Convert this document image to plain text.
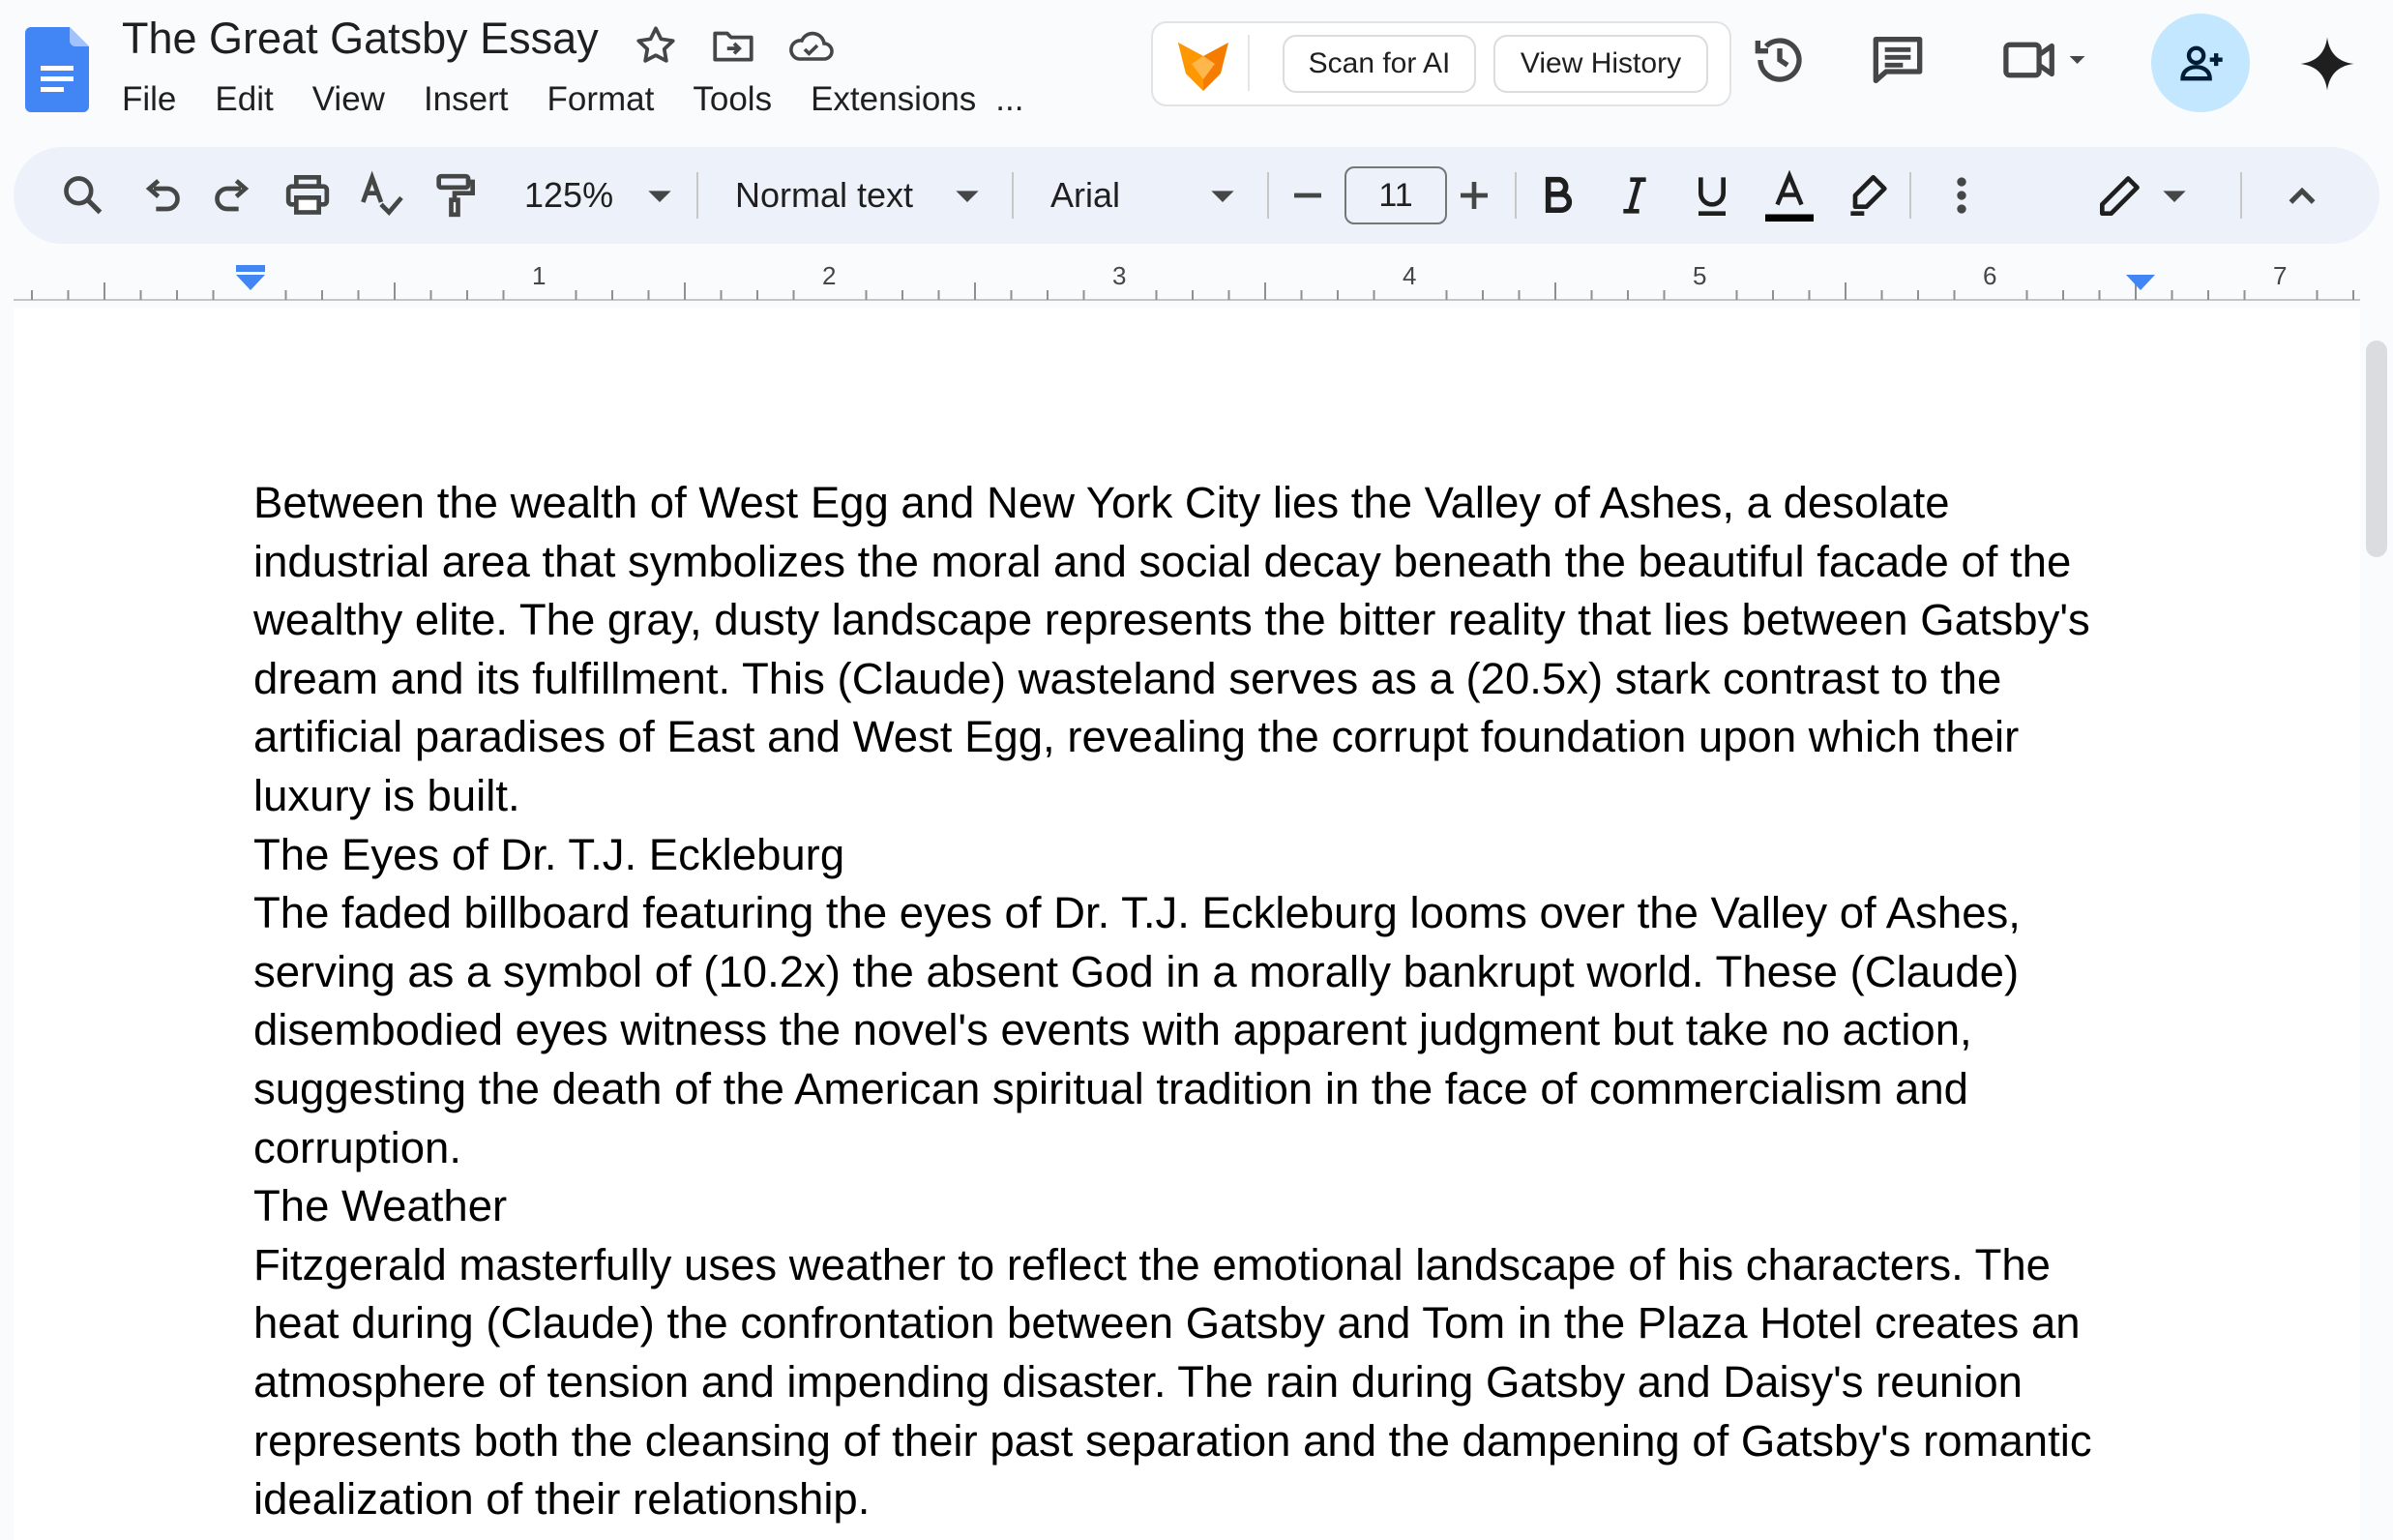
The Great Gatsby Essay
File Edit View Insert Format Tools Extensions ...
Scan for AI	View History
125%	Normal text	Arial	11
1	2	3	4	5	6	7

Between the wealth of West Egg and New York City lies the Valley of Ashes, a desolate industrial area that symbolizes the moral and social decay beneath the beautiful facade of the wealthy elite. The gray, dusty landscape represents the bitter reality that lies between Gatsby's dream and its fulfillment. This (Claude) wasteland serves as a (20.5x) stark contrast to the artificial paradises of East and West Egg, revealing the corrupt foundation upon which their luxury is built.

The Eyes of Dr. T.J. Eckleburg

The faded billboard featuring the eyes of Dr. T.J. Eckleburg looms over the Valley of Ashes, serving as a symbol of (10.2x) the absent God in a morally bankrupt world. These (Claude) disembodied eyes witness the novel's events with apparent judgment but take no action, suggesting the death of the American spiritual tradition in the face of commercialism and corruption.

The Weather

Fitzgerald masterfully uses weather to reflect the emotional landscape of his characters. The heat during (Claude) the confrontation between Gatsby and Tom in the Plaza Hotel creates an atmosphere of tension and impending disaster. The rain during Gatsby and Daisy's reunion represents both the cleansing of their past separation and the dampening of Gatsby's romantic idealization of their relationship.
